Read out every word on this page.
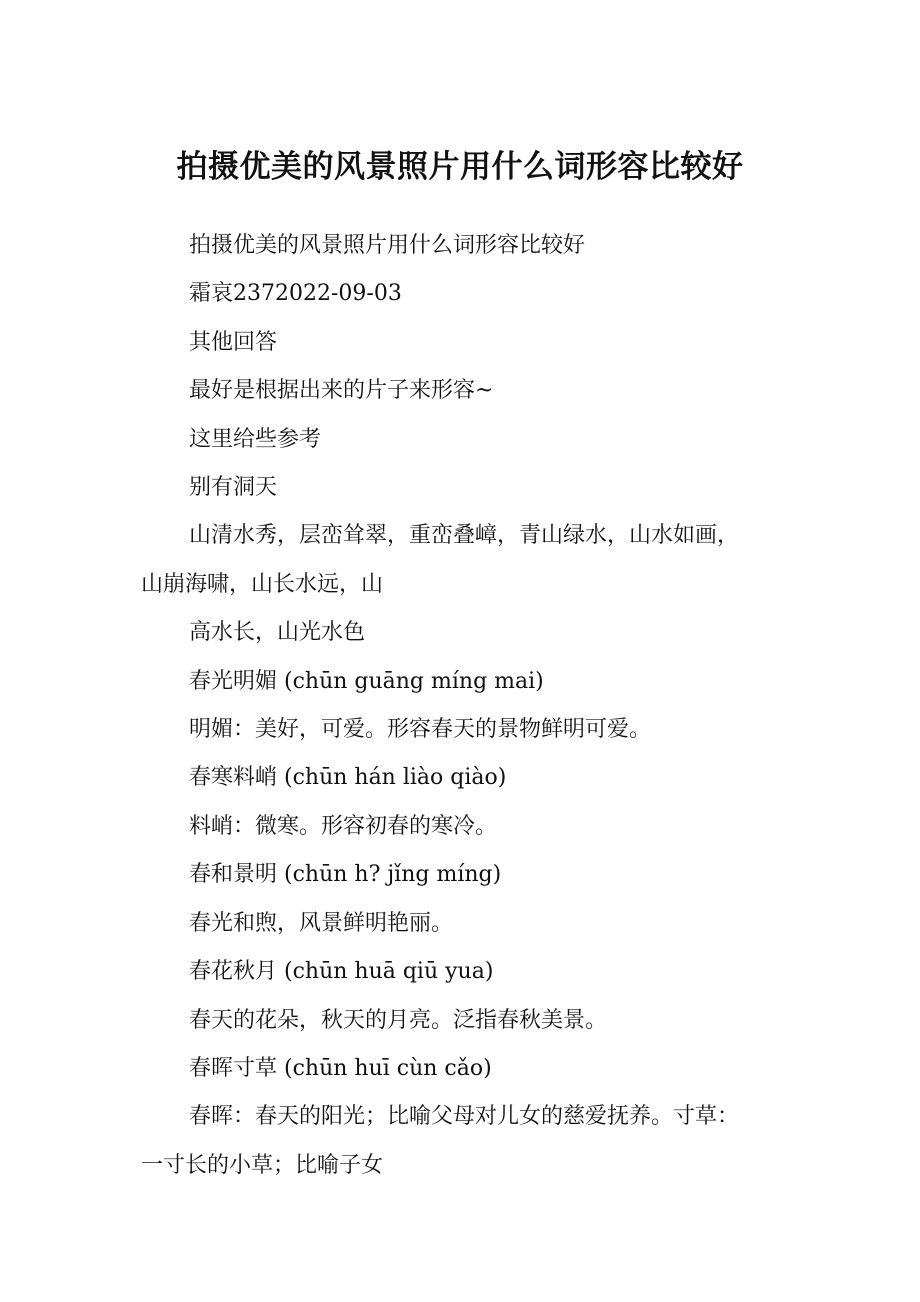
拍摄优美的风景照片用什么词形容比较好

拍摄优美的风景照片用什么词形容比较好

霜哀2372022-09-03

其他回答

最好是根据出来的片子来形容~

这里给些参考

别有洞天

山清水秀，层峦耸翠，重峦叠嶂，青山绿水，山水如画，
山崩海啸，山长水远，山

高水长，山光水色

春光明媚 (chūn guāng míng mai)

明媚：美好，可爱。形容春天的景物鲜明可爱。

春寒料峭 (chūn hán liào qiào)

料峭：微寒。形容初春的寒冷。

春和景明 (chūn h? jǐng míng)

春光和煦，风景鲜明艳丽。

春花秋月 (chūn huā qiū yua)

春天的花朵，秋天的月亮。泛指春秋美景。

春晖寸草 (chūn huī cùn cǎo)

春晖：春天的阳光；比喻父母对儿女的慈爱抚养。寸草：
一寸长的小草；比喻子女
